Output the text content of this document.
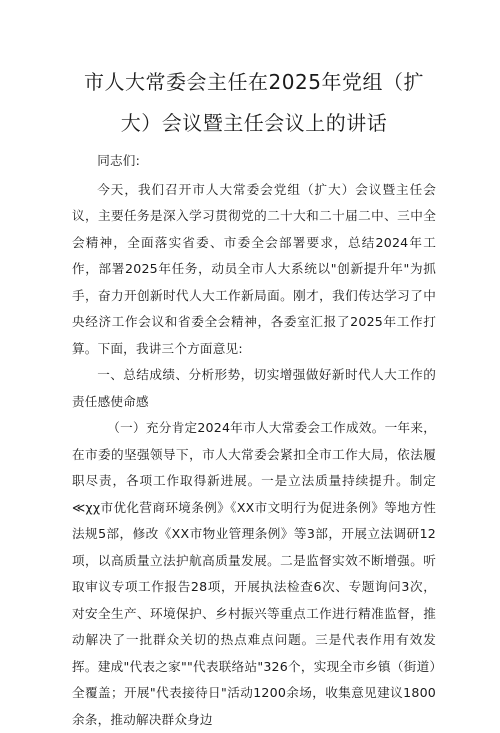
市人大常委会主任在2025年党组（扩
大）会议暨主任会议上的讲话

同志们:

今天，我们召开市人大常委会党组（扩大）会议暨主任会议，主要任务是深入学习贯彻党的二十大和二十届二中、三中全会精神，全面落实省委、市委全会部署要求，总结2024年工作，部署2025年任务，动员全市人大系统以"创新提升年"为抓手，奋力开创新时代人大工作新局面。刚才，我们传达学习了中央经济工作会议和省委全会精神，各委室汇报了2025年工作打算。下面，我讲三个方面意见:

一、总结成绩、分析形势，切实增强做好新时代人大工作的责任感使命感

（一）充分肯定2024年市人大常委会工作成效。一年来，在市委的坚强领导下，市人大常委会紧扣全市工作大局，依法履职尽责，各项工作取得新进展。一是立法质量持续提升。制定≪χχ市优化营商环境条例》《XX市文明行为促进条例》等地方性法规5部，修改《XX市物业管理条例》等3部，开展立法调研12项，以高质量立法护航高质量发展。二是监督实效不断增强。听取审议专项工作报告28项，开展执法检查6次、专题询问3次，对安全生产、环境保护、乡村振兴等重点工作进行精准监督，推动解决了一批群众关切的热点难点问题。三是代表作用有效发挥。建成"代表之家""代表联络站"326个，实现全市乡镇（街道）全覆盖；开展"代表接待日"活动1200余场，收集意见建议1800余条，推动解决群众身边
